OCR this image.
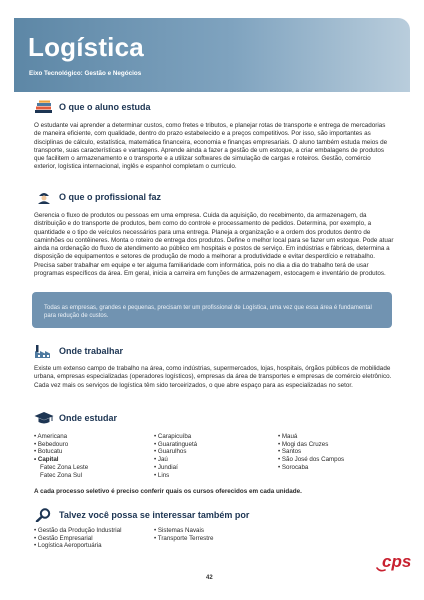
Logística
Eixo Tecnológico: Gestão e Negócios
O que o aluno estuda

O estudante vai aprender a determinar custos, como fretes e tributos, e planejar rotas de transporte e entrega de mercadorias de maneira eficiente, com qualidade, dentro do prazo estabelecido e a preços competitivos. Por isso, são importantes as disciplinas de cálculo, estatística, matemática financeira, economia e finanças empresariais. O aluno também estuda meios de transporte, suas características e vantagens. Aprende ainda a fazer a gestão de um estoque, a criar embalagens de produtos que facilitem o armazenamento e o transporte e a utilizar softwares de simulação de cargas e roteiros. Gestão, comércio exterior, logística internacional, inglês e espanhol completam o currículo.

O que o profissional faz

Gerencia o fluxo de produtos ou pessoas em uma empresa. Cuida da aquisição, do recebimento, da armazenagem, da distribuição e do transporte de produtos, bem como do controle e processamento de pedidos. Determina, por exemplo, a quantidade e o tipo de veículos necessários para uma entrega. Planeja a organização e a ordem dos produtos dentro de caminhões ou contêineres. Monta o roteiro de entrega dos produtos. Define o melhor local para se fazer um estoque. Pode atuar ainda na ordenação do fluxo de atendimento ao público em hospitais e postos de serviço. Em indústrias e fábricas, determina a disposição de equipamentos e setores de produção de modo a melhorar a produtividade e evitar desperdício e retrabalho. Precisa saber trabalhar em equipe e ter alguma familiaridade com informática, pois no dia a dia do trabalho terá de usar programas específicos da área. Em geral, inicia a carreira em funções de armazenagem, estocagem e inventário de produtos.

Todas as empresas, grandes e pequenas, precisam ter um profissional de Logística, uma vez que essa área é fundamental para redução de custos.
Onde trabalhar

Existe um extenso campo de trabalho na área, como indústrias, supermercados, lojas, hospitais, órgãos públicos de mobilidade urbana, empresas especializadas (operadores logísticos), empresas da área de transportes e empresas de comércio eletrônico. Cada vez mais os serviços de logística têm sido terceirizados, o que abre espaço para as especializadas no setor.

Onde estudar
• Americana
• Bebedouro
• Botucatu
• Capital
Fatec Zona Leste
Fatec Zona Sul
• Carapicuíba
• Guaratinguetá
• Guarulhos
• Jaú
• Jundiaí
• Lins
• Mauá
• Mogi das Cruzes
• Santos
• São José dos Campos
• Sorocaba
A cada processo seletivo é preciso conferir quais os cursos oferecidos em cada unidade.
Talvez você possa se interessar também por
• Gestão da Produção Industrial
• Gestão Empresarial
• Logística Aeroportuária
• Sistemas Navais
• Transporte Terrestre
42
cps
